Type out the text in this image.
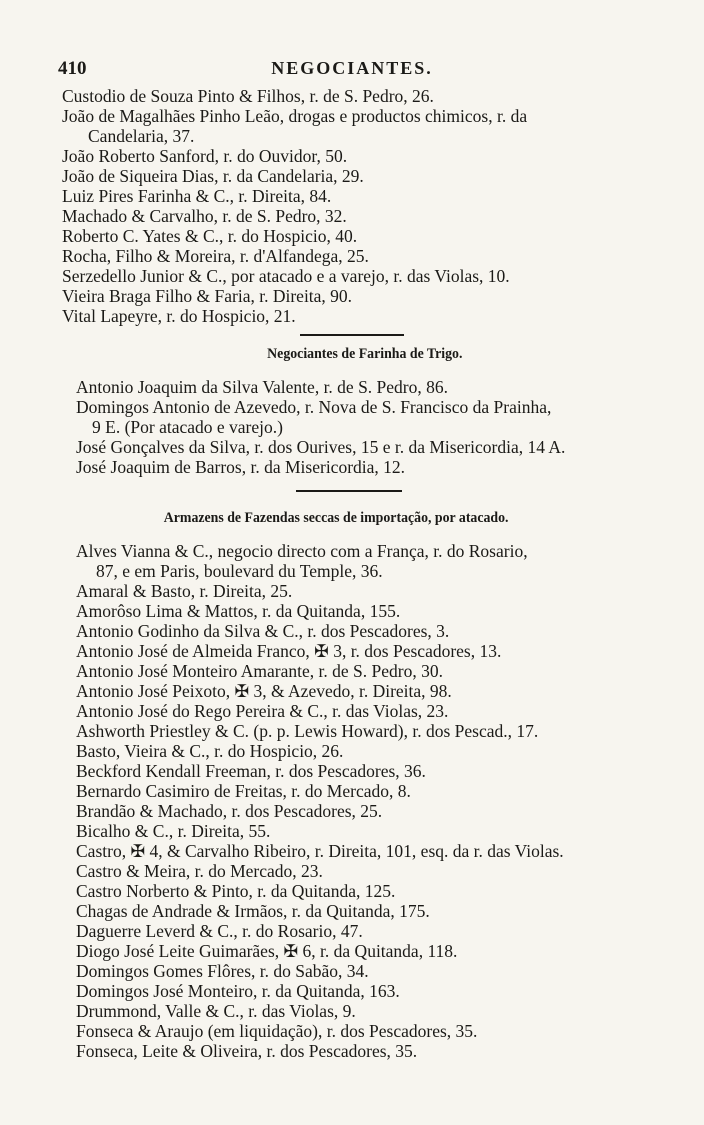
410	NEGOCIANTES.
Custodio de Souza Pinto & Filhos, r. de S. Pedro, 26.
João de Magalhães Pinho Leão, drogas e productos chimicos, r. da
Candelaria, 37.
João Roberto Sanford, r. do Ouvidor, 50.
João de Siqueira Dias, r. da Candelaria, 29.
Luiz Pires Farinha & C., r. Direita, 84.
Machado & Carvalho, r. de S. Pedro, 32.
Roberto C. Yates & C., r. do Hospicio, 40.
Rocha, Filho & Moreira, r. d'Alfandega, 25.
Serzedello Junior & C., por atacado e a varejo, r. das Violas, 10.
Vieira Braga Filho & Faria, r. Direita, 90.
Vital Lapeyre, r. do Hospicio, 21.
Negociantes de Farinha de Trigo.
Antonio Joaquim da Silva Valente, r. de S. Pedro, 86.
Domingos Antonio de Azevedo, r. Nova de S. Francisco da Prainha,
9 E. (Por atacado e varejo.)
José Gonçalves da Silva, r. dos Ourives, 15 e r. da Misericordia, 14 A.
José Joaquim de Barros, r. da Misericordia, 12.
Armazens de Fazendas seccas de importação, por atacado.
Alves Vianna & C., negocio directo com a França, r. do Rosario,
87, e em Paris, boulevard du Temple, 36.
Amaral & Basto, r. Direita, 25.
Amorôso Lima & Mattos, r. da Quitanda, 155.
Antonio Godinho da Silva & C., r. dos Pescadores, 3.
Antonio José de Almeida Franco, ✠ 3, r. dos Pescadores, 13.
Antonio José Monteiro Amarante, r. de S. Pedro, 30.
Antonio José Peixoto, ✠ 3, & Azevedo, r. Direita, 98.
Antonio José do Rego Pereira & C., r. das Violas, 23.
Ashworth Priestley & C. (p. p. Lewis Howard), r. dos Pescad., 17.
Basto, Vieira & C., r. do Hospicio, 26.
Beckford Kendall Freeman, r. dos Pescadores, 36.
Bernardo Casimiro de Freitas, r. do Mercado, 8.
Brandão & Machado, r. dos Pescadores, 25.
Bicalho & C., r. Direita, 55.
Castro, ✠ 4, & Carvalho Ribeiro, r. Direita, 101, esq. da r. das Violas.
Castro & Meira, r. do Mercado, 23.
Castro Norberto & Pinto, r. da Quitanda, 125.
Chagas de Andrade & Irmãos, r. da Quitanda, 175.
Daguerre Leverd & C., r. do Rosario, 47.
Diogo José Leite Guimarães, ✠ 6, r. da Quitanda, 118.
Domingos Gomes Flôres, r. do Sabão, 34.
Domingos José Monteiro, r. da Quitanda, 163.
Drummond, Valle & C., r. das Violas, 9.
Fonseca & Araujo (em liquidação), r. dos Pescadores, 35.
Fonseca, Leite & Oliveira, r. dos Pescadores, 35.
